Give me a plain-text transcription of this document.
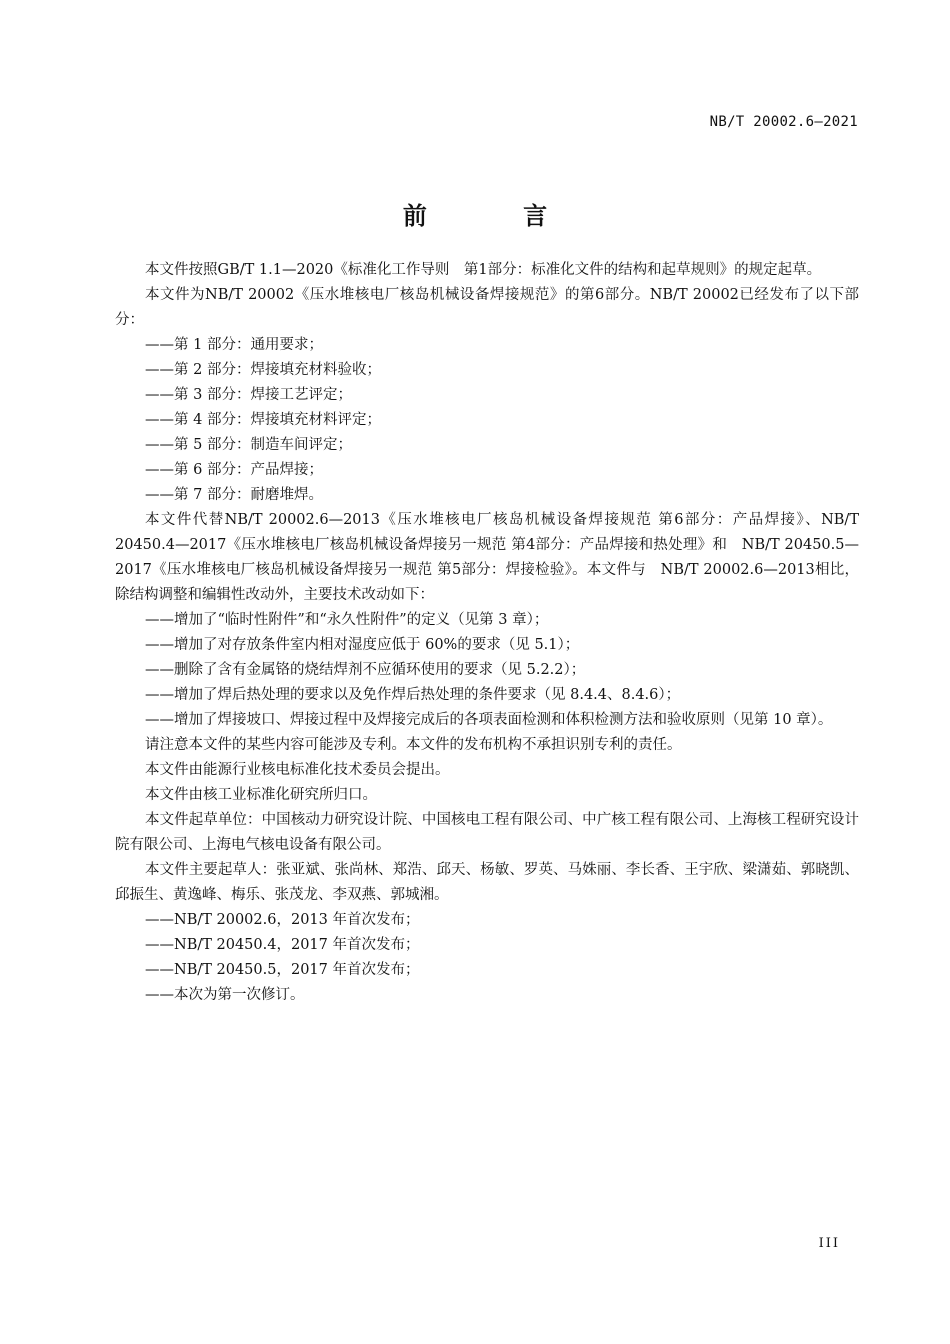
NB/T 20002.6—2021
前 言

本文件按照GB/T 1.1—2020《标准化工作导则　第1部分：标准化文件的结构和起草规则》的规定起草。

本文件为NB/T 20002《压水堆核电厂核岛机械设备焊接规范》的第6部分。NB/T 20002已经发布了以下部分：

——第 1 部分：通用要求；

——第 2 部分：焊接填充材料验收；

——第 3 部分：焊接工艺评定；

——第 4 部分：焊接填充材料评定；

——第 5 部分：制造车间评定；

——第 6 部分：产品焊接；

——第 7 部分：耐磨堆焊。

本文件代替NB/T 20002.6—2013《压水堆核电厂核岛机械设备焊接规范 第6部分：产品焊接》、NB/T 20450.4—2017《压水堆核电厂核岛机械设备焊接另一规范 第4部分：产品焊接和热处理》和　NB/T 20450.5—2017《压水堆核电厂核岛机械设备焊接另一规范 第5部分：焊接检验》。本文件与　NB/T 20002.6—2013相比，除结构调整和编辑性改动外，主要技术改动如下：

——增加了“临时性附件”和“永久性附件”的定义（见第 3 章）；

——增加了对存放条件室内相对湿度应低于 60%的要求（见 5.1）；

——删除了含有金属铬的烧结焊剂不应循环使用的要求（见 5.2.2）；

——增加了焊后热处理的要求以及免作焊后热处理的条件要求（见 8.4.4、8.4.6）；

——增加了焊接坡口、焊接过程中及焊接完成后的各项表面检测和体积检测方法和验收原则（见第 10 章）。

请注意本文件的某些内容可能涉及专利。本文件的发布机构不承担识别专利的责任。

本文件由能源行业核电标准化技术委员会提出。

本文件由核工业标准化研究所归口。

本文件起草单位：中国核动力研究设计院、中国核电工程有限公司、中广核工程有限公司、上海核工程研究设计院有限公司、上海电气核电设备有限公司。

本文件主要起草人：张亚斌、张尚林、郑浩、邱天、杨敏、罗英、马姝丽、李长香、王宇欣、梁潇茹、郭晓凯、邱振生、黄逸峰、梅乐、张茂龙、李双燕、郭城湘。

——NB/T 20002.6，2013 年首次发布；

——NB/T 20450.4，2017 年首次发布；

——NB/T 20450.5，2017 年首次发布；

——本次为第一次修订。

III
